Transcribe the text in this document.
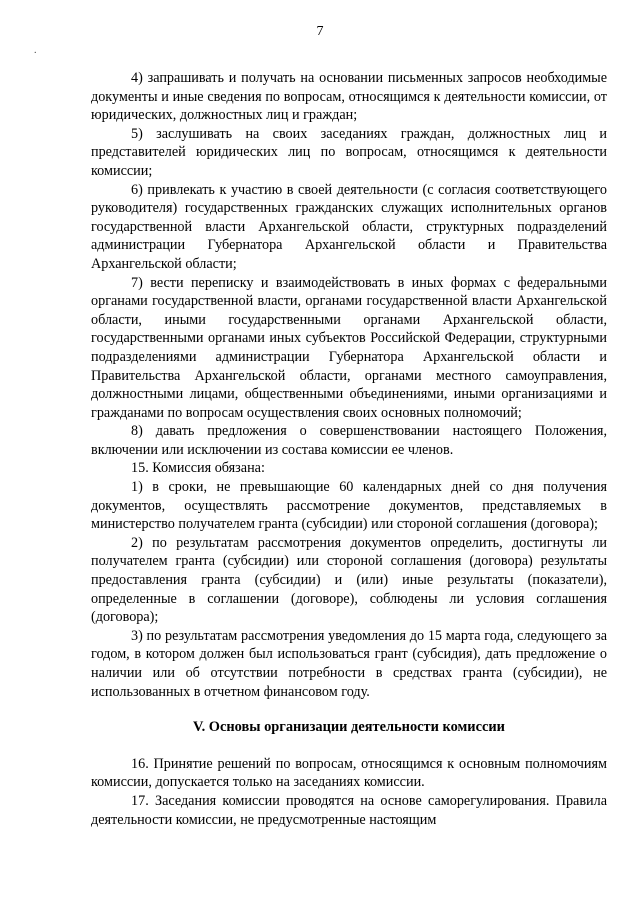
7
.

4) запрашивать и получать на основании письменных запросов необходимые документы и иные сведения по вопросам, относящимся к деятельности комиссии, от юридических, должностных лиц и граждан;

5) заслушивать на своих заседаниях граждан, должностных лиц и представителей юридических лиц по вопросам, относящимся к деятельности комиссии;

6) привлекать к участию в своей деятельности (с согласия соответствующего руководителя) государственных гражданских служащих исполнительных органов государственной власти Архангельской области, структурных подразделений администрации Губернатора Архангельской области и Правительства Архангельской области;

7) вести переписку и взаимодействовать в иных формах с федеральными органами государственной власти, органами государственной власти Архангельской области, иными государственными органами Архангельской области, государственными органами иных субъектов Российской Федерации, структурными подразделениями администрации Губернатора Архангельской области и Правительства Архангельской области, органами местного самоуправления, должностными лицами, общественными объединениями, иными организациями и гражданами по вопросам осуществления своих основных полномочий;

8) давать предложения о совершенствовании настоящего Положения, включении или исключении из состава комиссии ее членов.

15. Комиссия обязана:

1) в сроки, не превышающие 60 календарных дней со дня получения документов, осуществлять рассмотрение документов, представляемых в министерство получателем гранта (субсидии) или стороной соглашения (договора);

2) по результатам рассмотрения документов определить, достигнуты ли получателем гранта (субсидии) или стороной соглашения (договора) результаты предоставления гранта (субсидии) и (или) иные результаты (показатели), определенные в соглашении (договоре), соблюдены ли условия соглашения (договора);

3) по результатам рассмотрения уведомления до 15 марта года, следующего за годом, в котором должен был использоваться грант (субсидия), дать предложение о наличии или об отсутствии потребности в средствах гранта (субсидии), не использованных в отчетном финансовом году.

V. Основы организации деятельности комиссии

16. Принятие решений по вопросам, относящимся к основным полномочиям комиссии, допускается только на заседаниях комиссии.

17. Заседания комиссии проводятся на основе саморегулирования. Правила деятельности комиссии, не предусмотренные настоящим
